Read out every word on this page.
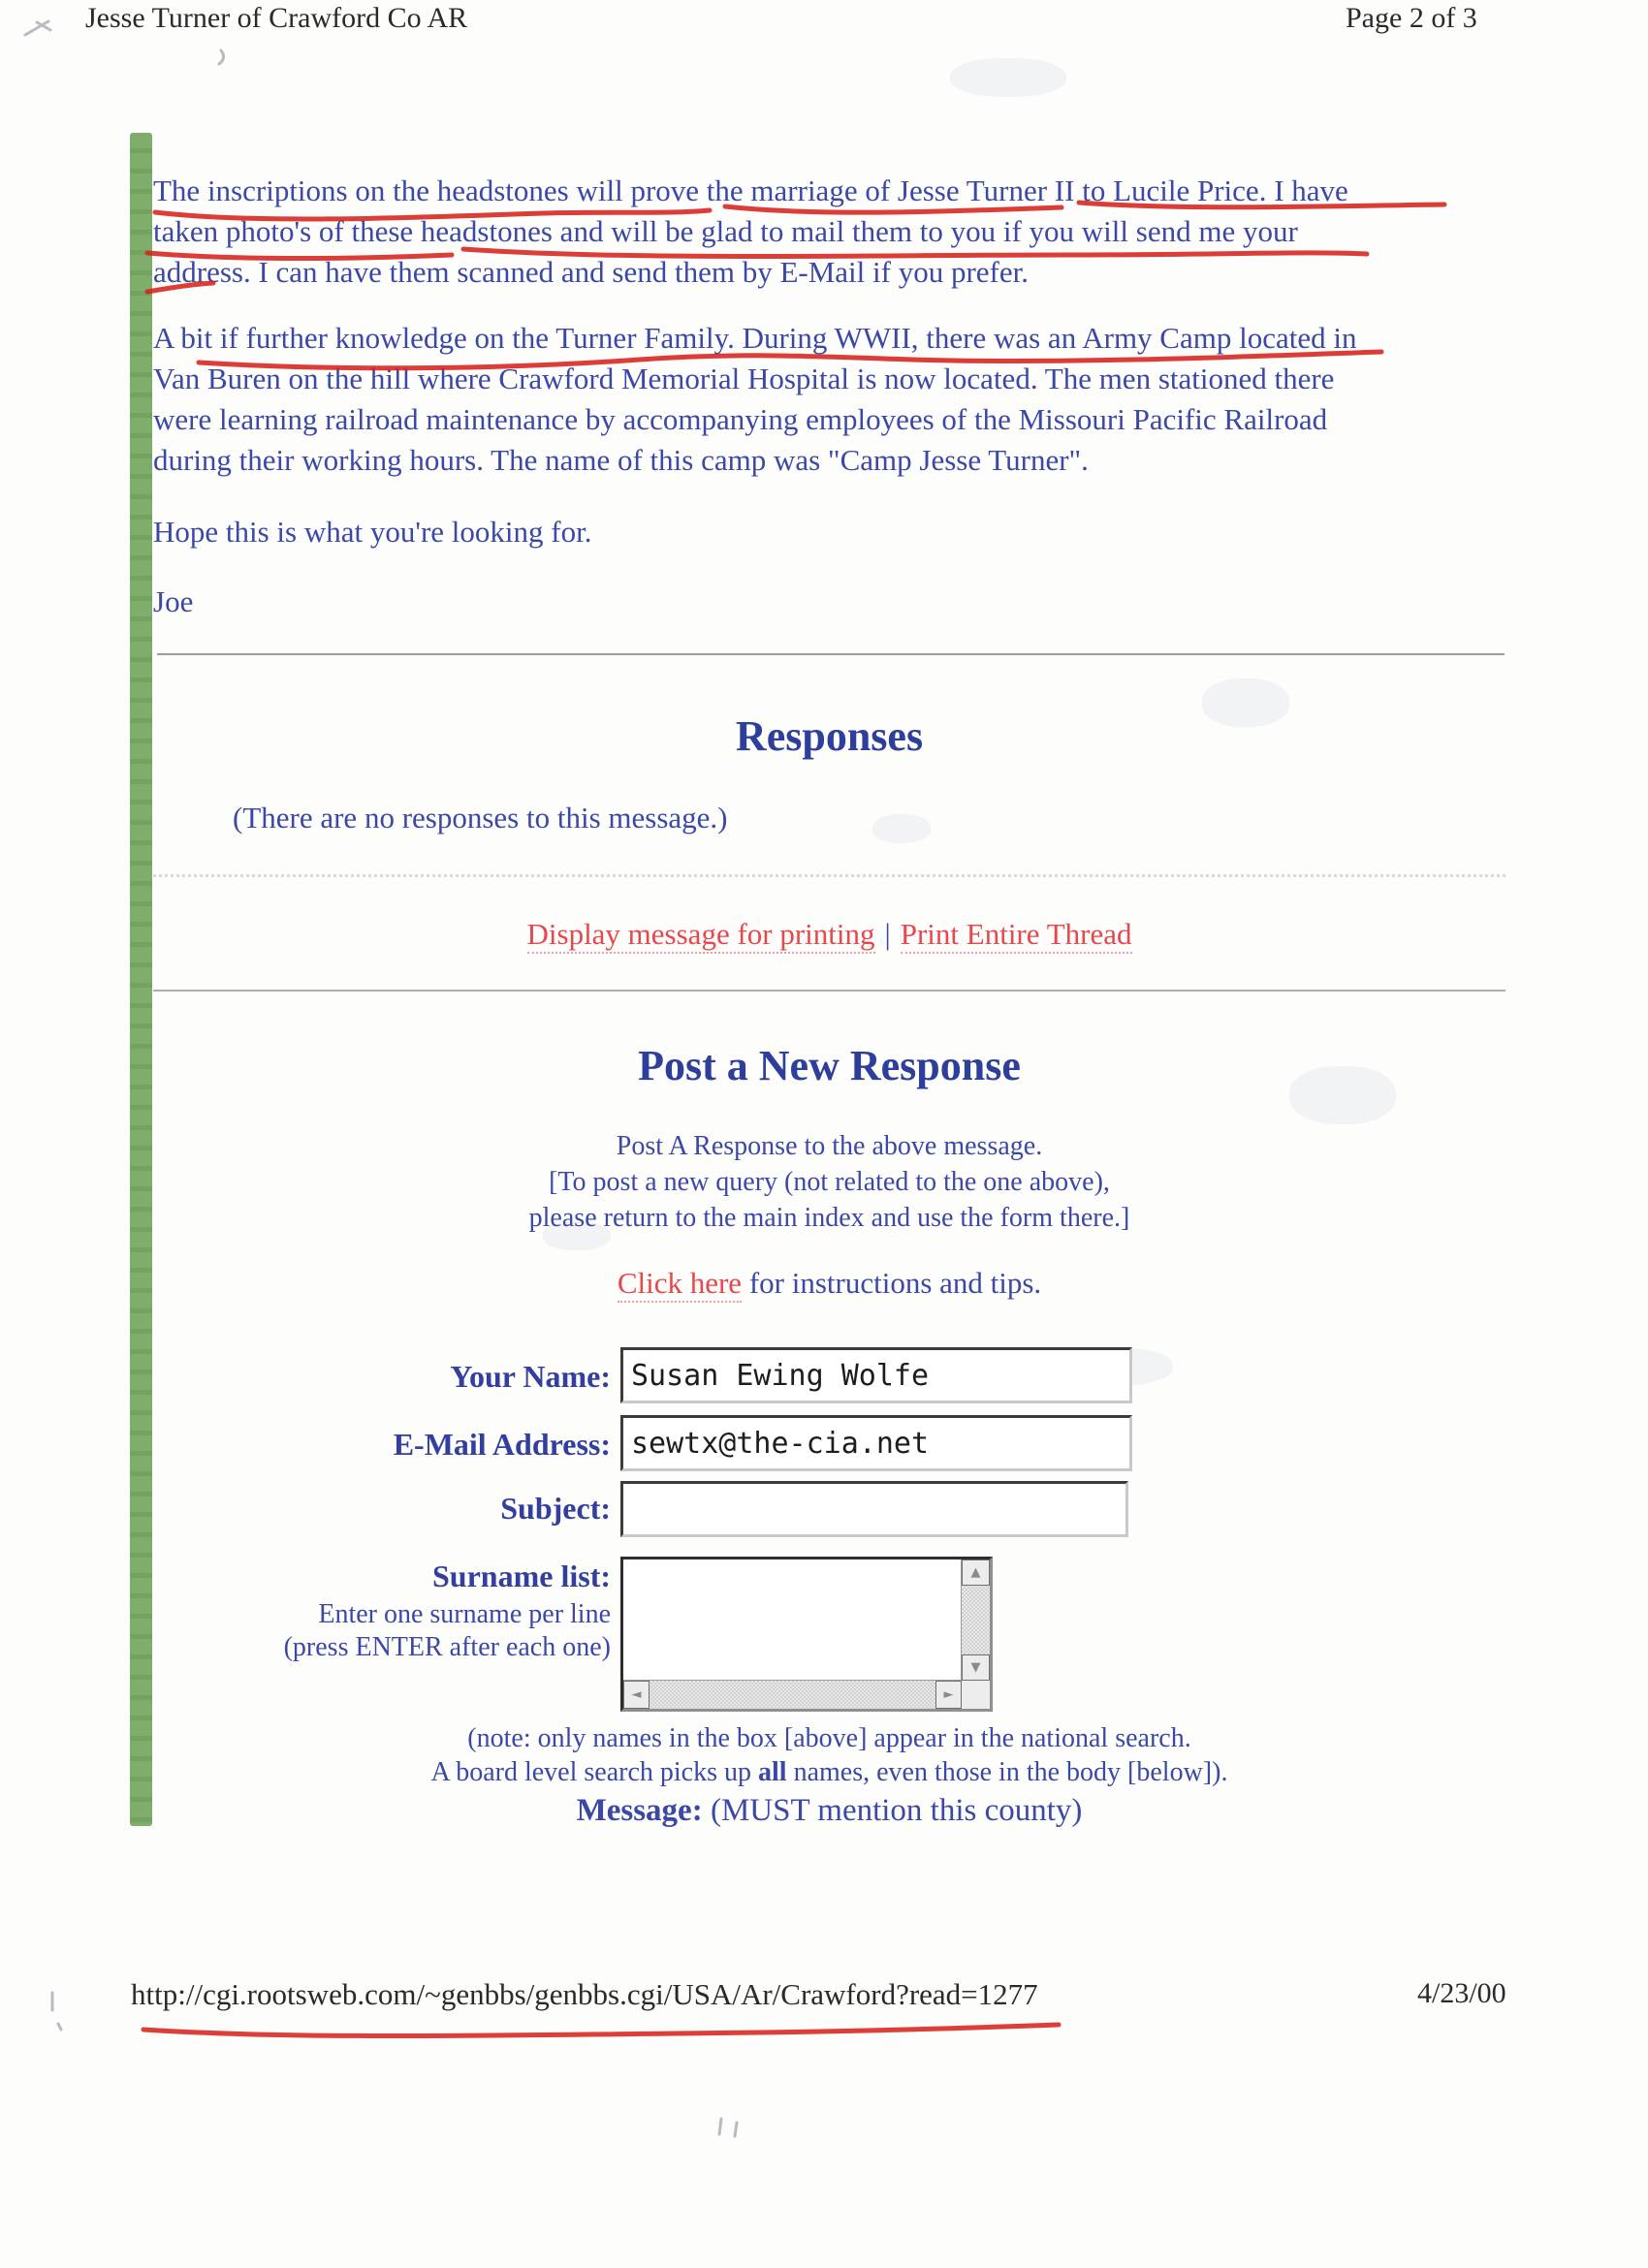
Jesse Turner of Crawford Co AR	Page 2 of 3
The inscriptions on the headstones will prove the marriage of Jesse Turner II to Lucile Price. I have
taken photo's of these headstones and will be glad to mail them to you if you will send me your
address. I can have them scanned and send them by E-Mail if you prefer.
A bit if further knowledge on the Turner Family. During WWII, there was an Army Camp located in
Van Buren on the hill where Crawford Memorial Hospital is now located. The men stationed there
were learning railroad maintenance by accompanying employees of the Missouri Pacific Railroad
during their working hours. The name of this camp was "Camp Jesse Turner".
Hope this is what you're looking for.
Joe
Responses
(There are no responses to this message.)
Display message for printing | Print Entire Thread
Post a New Response
Post A Response to the above message.
[To post a new query (not related to the one above),
please return to the main index and use the form there.]
Click here for instructions and tips.
Your Name:
Susan Ewing Wolfe
E-Mail Address:
sewtx@the-cia.net
Subject:
Surname list:
Enter one surname per line
(press ENTER after each one)
▲
▼
◄	►
(note: only names in the box [above] appear in the national search.
A board level search picks up all names, even those in the body [below]).
Message: (MUST mention this county)
http://cgi.rootsweb.com/~genbbs/genbbs.cgi/USA/Ar/Crawford?read=1277	4/23/00
